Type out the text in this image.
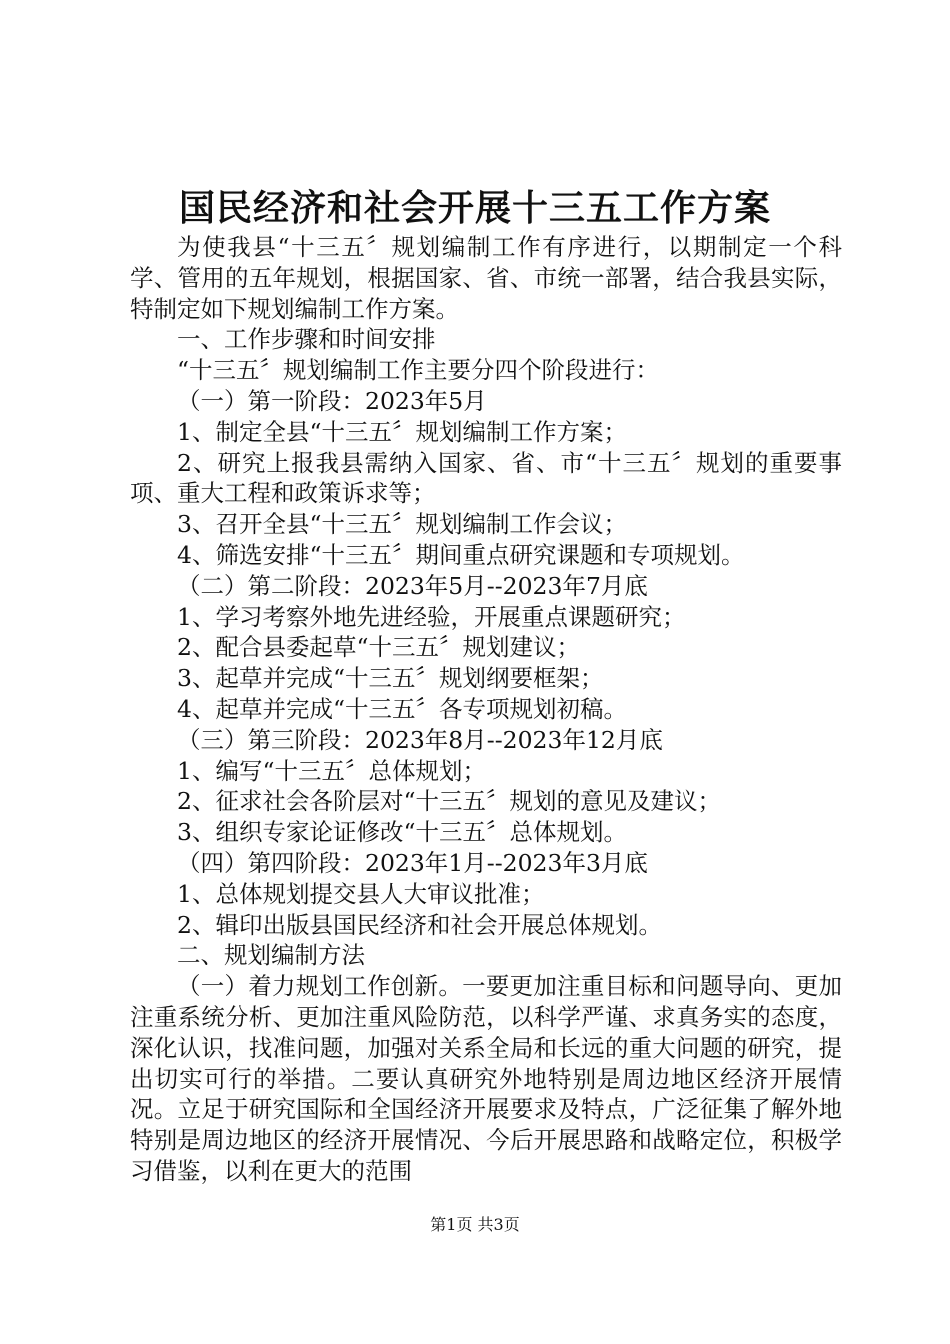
国民经济和社会开展十三五工作方案

为使我县“十三五〞规划编制工作有序进行，以期制定一个科学、管用的五年规划，根据国家、省、市统一部署，结合我县实际，特制定如下规划编制工作方案。

一、工作步骤和时间安排

“十三五〞规划编制工作主要分四个阶段进行：

（一）第一阶段：2023年5月

1、制定全县“十三五〞规划编制工作方案；

2、研究上报我县需纳入国家、省、市“十三五〞规划的重要事项、重大工程和政策诉求等；

3、召开全县“十三五〞规划编制工作会议；

4、筛选安排“十三五〞期间重点研究课题和专项规划。

（二）第二阶段：2023年5月--2023年7月底

1、学习考察外地先进经验，开展重点课题研究；

2、配合县委起草“十三五〞规划建议；

3、起草并完成“十三五〞规划纲要框架；

4、起草并完成“十三五〞各专项规划初稿。

（三）第三阶段：2023年8月--2023年12月底

1、编写“十三五〞总体规划；

2、征求社会各阶层对“十三五〞规划的意见及建议；

3、组织专家论证修改“十三五〞总体规划。

（四）第四阶段：2023年1月--2023年3月底

1、总体规划提交县人大审议批准；

2、辑印出版县国民经济和社会开展总体规划。

二、规划编制方法

（一）着力规划工作创新。一要更加注重目标和问题导向、更加注重系统分析、更加注重风险防范，以科学严谨、求真务实的态度，深化认识，找准问题，加强对关系全局和长远的重大问题的研究，提出切实可行的举措。二要认真研究外地特别是周边地区经济开展情况。立足于研究国际和全国经济开展要求及特点，广泛征集了解外地特别是周边地区的经济开展情况、今后开展思路和战略定位，积极学习借鉴，以利在更大的范围

第1页 共3页
